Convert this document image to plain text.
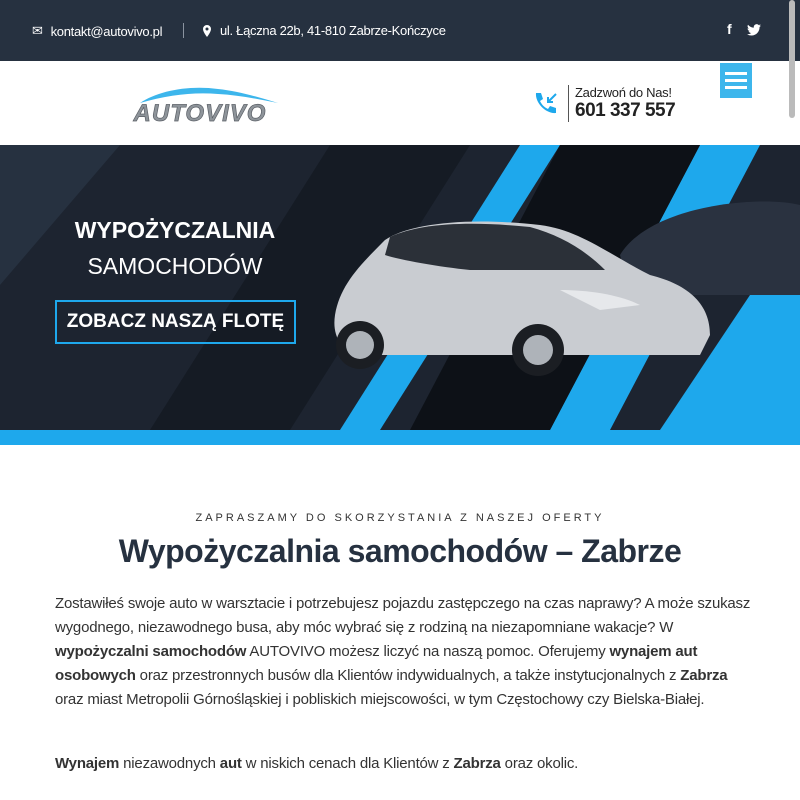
✉ kontakt@autovivo.pl	ul. Łączna 22b, 41-810 Zabrze-Kończyce	f
AUTOVIVO
Zadzwoń do Nas!
601 337 557
WYPOŻYCZALNIA
SAMOCHODÓW
ZOBACZ NASZĄ FLOTĘ
ZAPRASZAMY DO SKORZYSTANIA Z NASZEJ OFERTY
Wypożyczalnia samochodów – Zabrze

Zostawiłeś swoje auto w warsztacie i potrzebujesz pojazdu zastępczego na czas naprawy? A może szukasz wygodnego, niezawodnego busa, aby móc wybrać się z rodziną na niezapomniane wakacje? W wypożyczalni samochodów AUTOVIVO możesz liczyć na naszą pomoc. Oferujemy wynajem aut osobowych oraz przestronnych busów dla Klientów indywidualnych, a także instytucjonalnych z Zabrza oraz miast Metropolii Górnośląskiej i pobliskich miejscowości, w tym Częstochowy czy Bielska-Białej.

Wynajem niezawodnych aut w niskich cenach dla Klientów z Zabrza oraz okolic.
